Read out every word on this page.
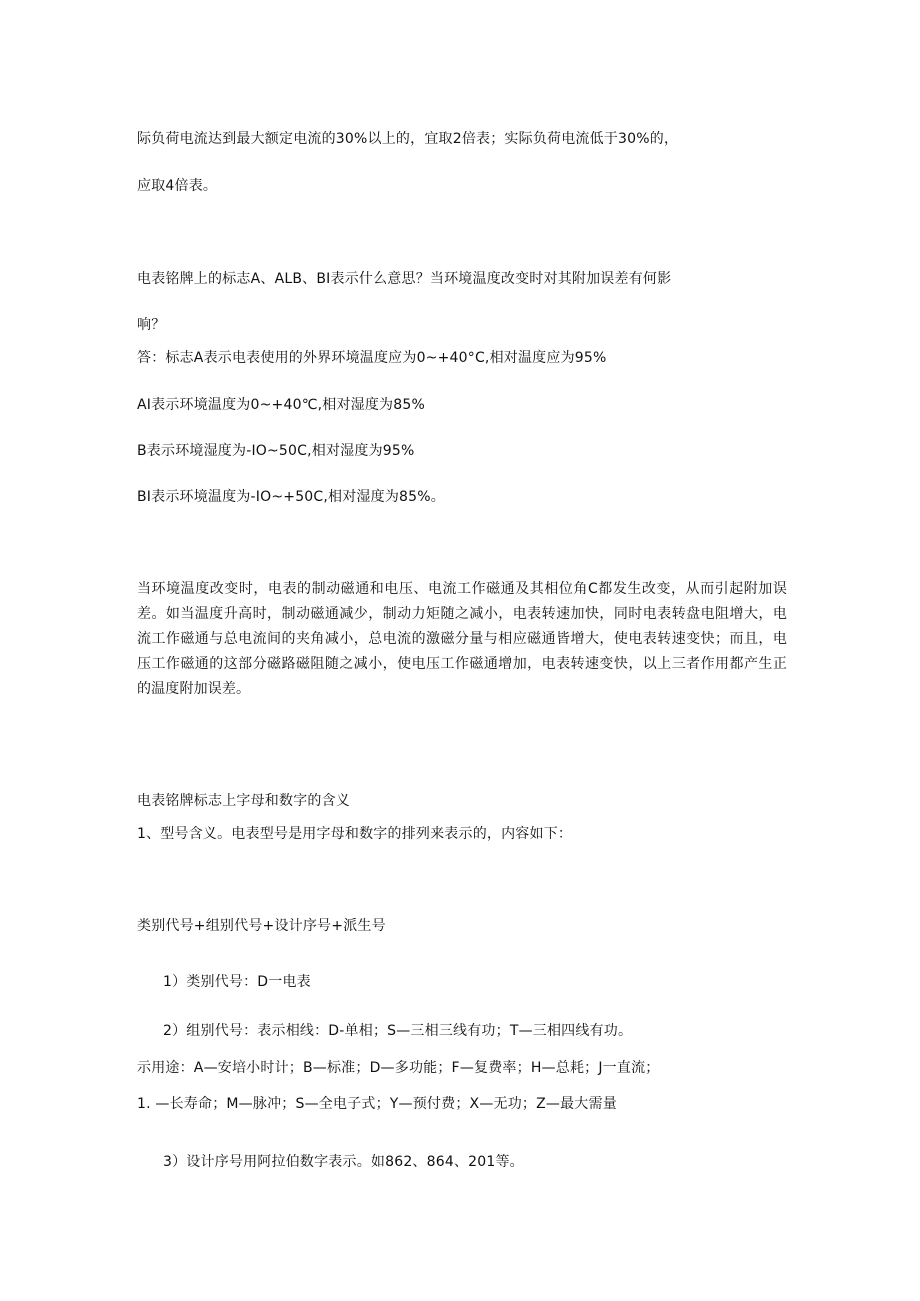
际负荷电流达到最大额定电流的30%以上的，宜取2倍表；实际负荷电流低于30%的，
应取4倍表。
电表铭牌上的标志A、ALB、BI表示什么意思？当环境温度改变时对其附加误差有何影
响？
答：标志A表示电表使用的外界环境温度应为0~+40°C,相对温度应为95%
AI表示环境温度为0~+40℃,相对湿度为85%
B表示环境湿度为-IO~50C,相对湿度为95%
BI表示环境温度为-IO~+50C,相对湿度为85%。
当环境温度改变时，电表的制动磁通和电压、电流工作磁通及其相位角C都发生改变，从而引起附加误差。如当温度升高时，制动磁通减少，制动力矩随之减小，电表转速加快，同时电表转盘电阻增大，电流工作磁通与总电流间的夹角减小，总电流的激磁分量与相应磁通皆增大，使电表转速变快；而且，电压工作磁通的这部分磁路磁阻随之减小，使电压工作磁通增加，电表转速变快，以上三者作用都产生正的温度附加误差。
电表铭牌标志上字母和数字的含义
1、型号含义。电表型号是用字母和数字的排列来表示的，内容如下：
类别代号+组别代号+设计序号+派生号
1）类别代号：D一电表
2）组别代号：表示相线：D-单相；S—三相三线有功；T—三相四线有功。
示用途：A—安培小时计；B—标准；D—多功能；F—复费率；H—总耗；J一直流；
1. —长寿命；M—脉冲；S—全电子式；Y—预付费；X—无功；Z—最大需量
3）设计序号用阿拉伯数字表示。如862、864、201等。
